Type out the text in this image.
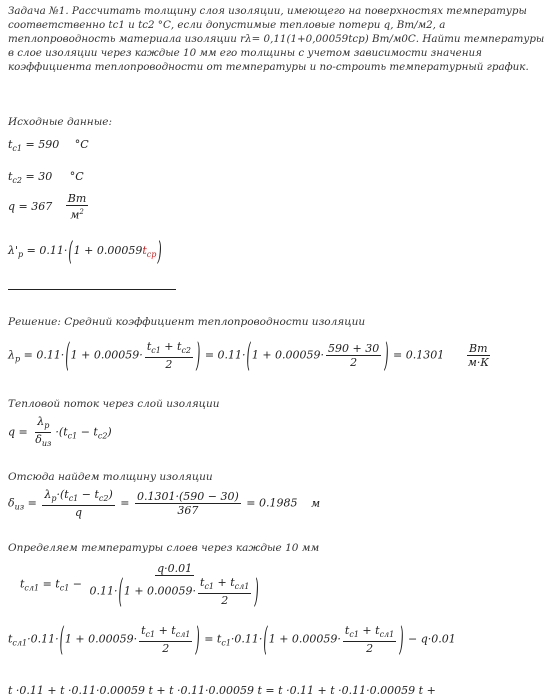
Задача №1. Рассчитать толщину слоя изоляции, имеющего на поверхностях температуры соответственно tc1 и tc2 °С, если допустимые тепловые потери q, Вт/м2, а теплопроводность материала изоляции rλ= 0,11(1+0,00059tср) Вт/м0С. Найти температуры в слое изоляции через каждые 10 мм его толщины с учетом зависимости значения коэффициента теплопроводности от температуры и по-строить температурный график.
Исходные данные:
$t_{c1} = 590$ °C
$t_{c2} = 30$ °C
$q = 367 \frac{Вт}{м^2}$
$\lambda'_p = 0.11\cdot(1 + 0.00059t_{cp})$
Решение: Средний коэффициент теплопроводности изоляции
$\lambda_p = 0.11\cdot(1 + 0.00059\cdot \frac{t_{c1} + t_{c2}}{2}$ ) = $0.11\cdot(1 + 0.00059\cdot \frac{590 + 30}{2}$ ) = $0.1301 \frac{Вт}{м\cdot К}$
Тепловой поток через слой изоляции
$q = \frac{\lambda_p}{\delta_{из}} \cdot(t_{c1} - t_{c2})$
Отсюда найдем толщину изоляции
$\delta_{из} = \frac{\lambda_p\cdot(t_{c1} - t_{c2})}{q} = \frac{0.1301\cdot(590 - 30)}{367} = 0.1985$ м
Определяем температуры слоев через каждые 10 мм
$t_{сл1} = t_{c1} - \frac{q\cdot 0.01}{0.11\cdot(1 + 0.00059\cdot \frac{t_{c1} + t_{сл1}}{2} )}$
$t_{сл1}\cdot 0.11\cdot(1 + 0.00059\cdot \frac{t_{c1} + t_{сл1}}{2}$ ) = $t_{c1}\cdot 0.11\cdot(1 + 0.00059\cdot \frac{t_{c1} + t_{сл1}}{2}$ ) − q·0.01
t ·0.11 + t ·0.11·0.00059 t + t ·0.11·0.00059 t = t ·0.11 + t ·0.11·0.00059 t +
